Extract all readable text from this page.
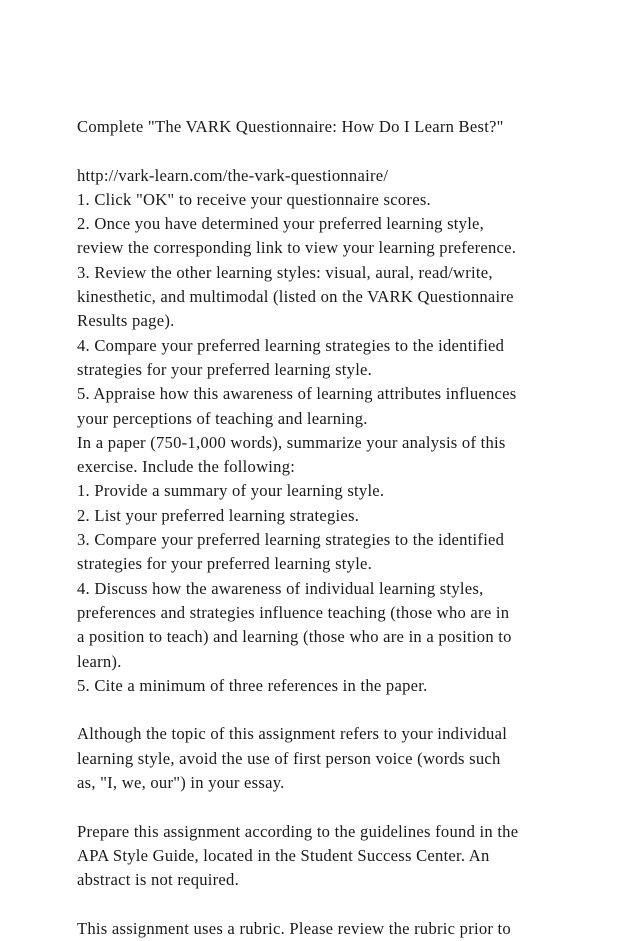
Complete "The VARK Questionnaire: How Do I Learn Best?"
http://vark-learn.com/the-vark-questionnaire/
1. Click "OK" to receive your questionnaire scores.
2. Once you have determined your preferred learning style,
review the corresponding link to view your learning preference.
3. Review the other learning styles: visual, aural, read/write,
kinesthetic, and multimodal (listed on the VARK Questionnaire
Results page).
4. Compare your preferred learning strategies to the identified
strategies for your preferred learning style.
5. Appraise how this awareness of learning attributes influences
your perceptions of teaching and learning.
In a paper (750-1,000 words), summarize your analysis of this
exercise. Include the following:
1. Provide a summary of your learning style.
2. List your preferred learning strategies.
3. Compare your preferred learning strategies to the identified
strategies for your preferred learning style.
4. Discuss how the awareness of individual learning styles,
preferences and strategies influence teaching (those who are in
a position to teach) and learning (those who are in a position to
learn).
5. Cite a minimum of three references in the paper.
Although the topic of this assignment refers to your individual
learning style, avoid the use of first person voice (words such
as, "I, we, our") in your essay.
Prepare this assignment according to the guidelines found in the
APA Style Guide, located in the Student Success Center. An
abstract is not required.
This assignment uses a rubric. Please review the rubric prior to
